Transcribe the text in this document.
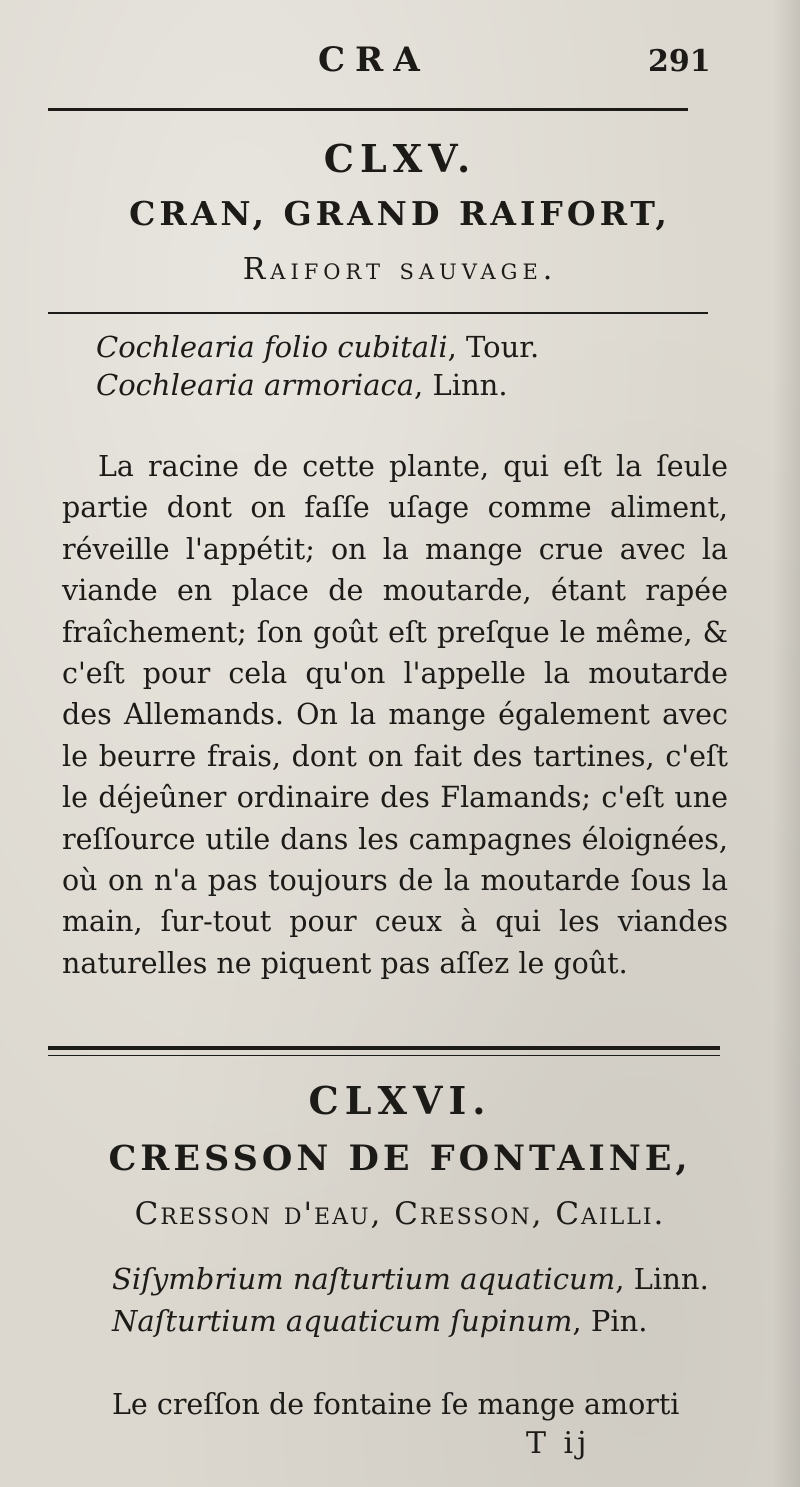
CRA	291
CLXV.
CRAN, GRAND RAIFORT,
Raifort sauvage.
Cochlearia folio cubitali, Tour.
Cochlearia armoriaca, Linn.
La racine de cette plante, qui eſt la ſeule partie dont on faſſe uſage comme aliment, réveille l'appétit; on la mange crue avec la viande en place de moutarde, étant rapée fraîchement; ſon goût eſt preſque le même, & c'eſt pour cela qu'on l'appelle la moutarde des Allemands. On la mange également avec le beurre frais, dont on fait des tartines, c'eſt le déjeûner ordinaire des Flamands; c'eſt une reſſource utile dans les campagnes éloignées, où on n'a pas toujours de la moutarde ſous la main, ſur-tout pour ceux à qui les viandes naturelles ne piquent pas aſſez le goût.
CLXVI.
CRESSON DE FONTAINE,
Cresson d'eau, Cresson, Cailli.
Siſymbrium naſturtium aquaticum, Linn.
Naſturtium aquaticum ſupinum, Pin.
Le creſſon de fontaine ſe mange amorti
T ij
